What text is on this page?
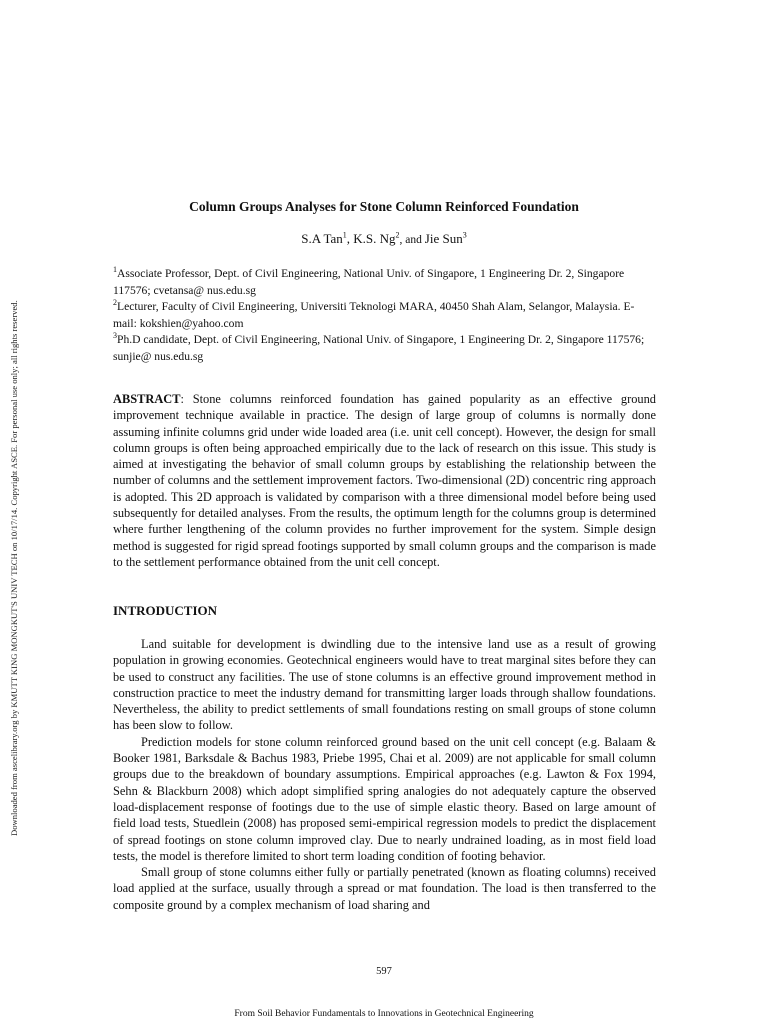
Downloaded from ascelibrary.org by KMUTT KING MONGKUT'S UNIV TECH on 10/17/14. Copyright ASCE. For personal use only; all rights reserved.
Column Groups Analyses for Stone Column Reinforced Foundation
S.A Tan$^1$, K.S. Ng$^2$, and Jie Sun$^3$

$^1$Associate Professor, Dept. of Civil Engineering, National Univ. of Singapore, 1 Engineering Dr. 2, Singapore 117576; cvetansa@ nus.edu.sg

$^2$Lecturer, Faculty of Civil Engineering, Universiti Teknologi MARA, 40450 Shah Alam, Selangor, Malaysia. E-mail: kokshien@yahoo.com

$^3$Ph.D candidate, Dept. of Civil Engineering, National Univ. of Singapore, 1 Engineering Dr. 2, Singapore 117576; sunjie@ nus.edu.sg

ABSTRACT: Stone columns reinforced foundation has gained popularity as an effective ground improvement technique available in practice. The design of large group of columns is normally done assuming infinite columns grid under wide loaded area (i.e. unit cell concept). However, the design for small column groups is often being approached empirically due to the lack of research on this issue. This study is aimed at investigating the behavior of small column groups by establishing the relationship between the number of columns and the settlement improvement factors. Two-dimensional (2D) concentric ring approach is adopted. This 2D approach is validated by comparison with a three dimensional model before being used subsequently for detailed analyses. From the results, the optimum length for the columns group is determined where further lengthening of the column provides no further improvement for the system. Simple design method is suggested for rigid spread footings supported by small column groups and the comparison is made to the settlement performance obtained from the unit cell concept.

INTRODUCTION

Land suitable for development is dwindling due to the intensive land use as a result of growing population in growing economies. Geotechnical engineers would have to treat marginal sites before they can be used to construct any facilities. The use of stone columns is an effective ground improvement method in construction practice to meet the industry demand for transmitting larger loads through shallow foundations. Nevertheless, the ability to predict settlements of small foundations resting on small groups of stone column has been slow to follow.

Prediction models for stone column reinforced ground based on the unit cell concept (e.g. Balaam & Booker 1981, Barksdale & Bachus 1983, Priebe 1995, Chai et al. 2009) are not applicable for small column groups due to the breakdown of boundary assumptions. Empirical approaches (e.g. Lawton & Fox 1994, Sehn & Blackburn 2008) which adopt simplified spring analogies do not adequately capture the observed load-displacement response of footings due to the use of simple elastic theory. Based on large amount of field load tests, Stuedlein (2008) has proposed semi-empirical regression models to predict the displacement of spread footings on stone column improved clay. Due to nearly undrained loading, as in most field load tests, the model is therefore limited to short term loading condition of footing behavior.

Small group of stone columns either fully or partially penetrated (known as floating columns) received load applied at the surface, usually through a spread or mat foundation. The load is then transferred to the composite ground by a complex mechanism of load sharing and

597
From Soil Behavior Fundamentals to Innovations in Geotechnical Engineering
